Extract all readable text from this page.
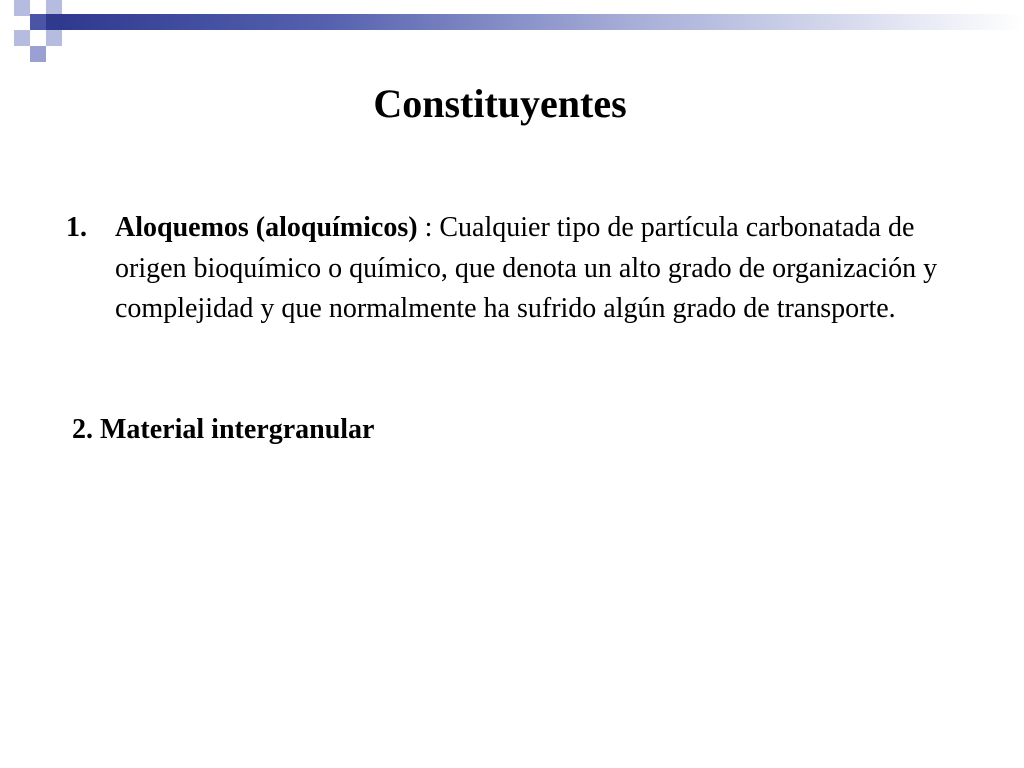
Constituyentes
1. Aloquemos (aloquímicos) : Cualquier tipo de partícula carbonatada de origen bioquímico o químico, que denota un alto grado de organización y complejidad y que normalmente ha sufrido algún grado de transporte.
2. Material intergranular
